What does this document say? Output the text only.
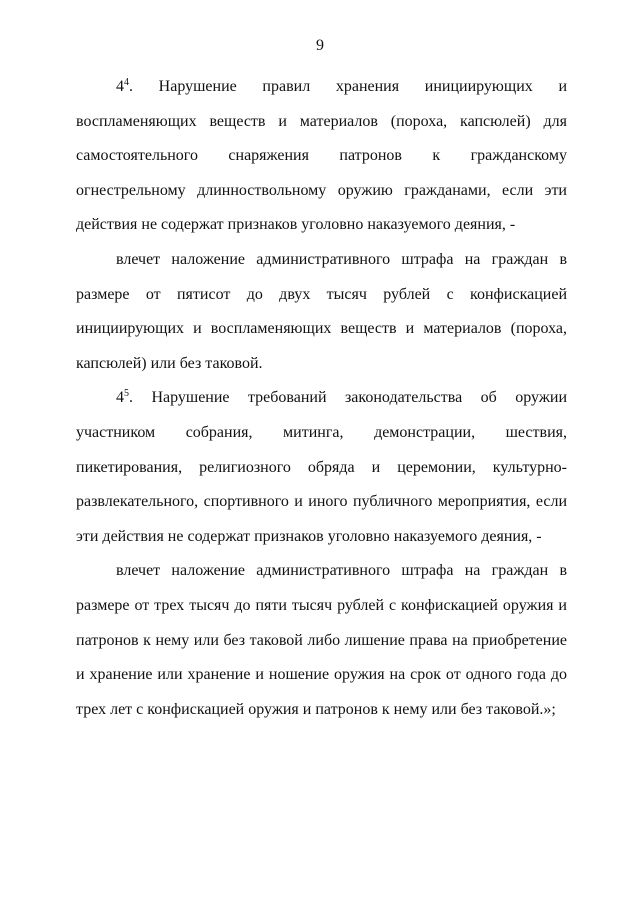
9

$4^4$. Нарушение правил хранения инициирующих и воспламеняющих веществ и материалов (пороха, капсюлей) для самостоятельного снаряжения патронов к гражданскому огнестрельному длинноствольному оружию гражданами, если эти действия не содержат признаков уголовно наказуемого деяния, -

влечет наложение административного штрафа на граждан в размере от пятисот до двух тысяч рублей с конфискацией инициирующих и воспламеняющих веществ и материалов (пороха, капсюлей) или без таковой.

$4^5$. Нарушение требований законодательства об оружии участником собрания, митинга, демонстрации, шествия, пикетирования, религиозного обряда и церемонии, культурно-развлекательного, спортивного и иного публичного мероприятия, если эти действия не содержат признаков уголовно наказуемого деяния, -

влечет наложение административного штрафа на граждан в размере от трех тысяч до пяти тысяч рублей с конфискацией оружия и патронов к нему или без таковой либо лишение права на приобретение и хранение или хранение и ношение оружия на срок от одного года до трех лет с конфискацией оружия и патронов к нему или без таковой.»;
